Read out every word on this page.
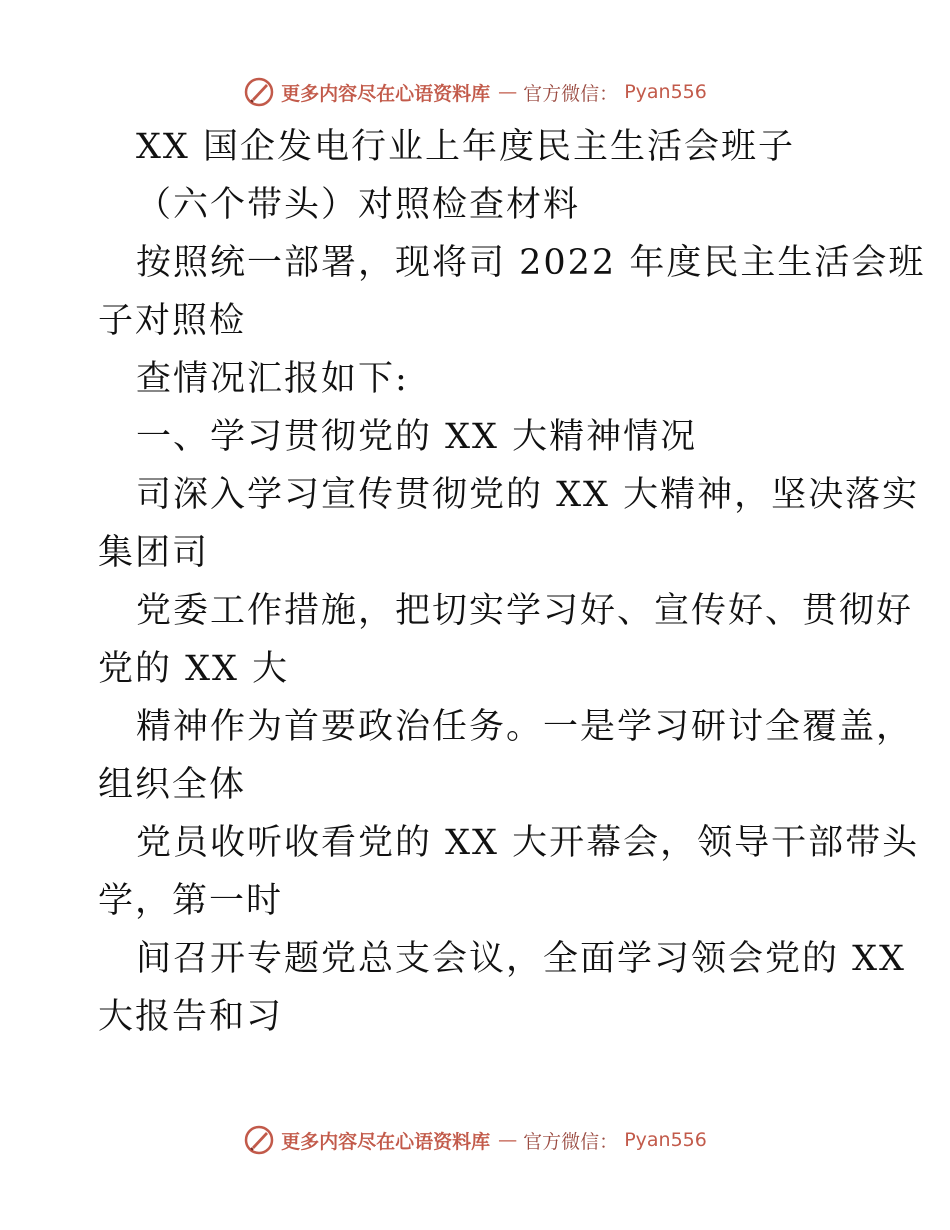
更多内容尽在心语资料库 — 官方微信： Pyan556
XX 国企发电行业上年度民主生活会班子
（六个带头）对照检查材料
按照统一部署，现将司 2022 年度民主生活会班
子对照检
查情况汇报如下:
一、学习贯彻党的 XX 大精神情况
司深入学习宣传贯彻党的 XX 大精神，坚决落实
集团司
党委工作措施，把切实学习好、宣传好、贯彻好
党的 XX 大
精神作为首要政治任务。一是学习研讨全覆盖，
组织全体
党员收听收看党的 XX 大开幕会，领导干部带头
学，第一时
间召开专题党总支会议，全面学习领会党的 XX
大报告和习
更多内容尽在心语资料库 — 官方微信： Pyan556
